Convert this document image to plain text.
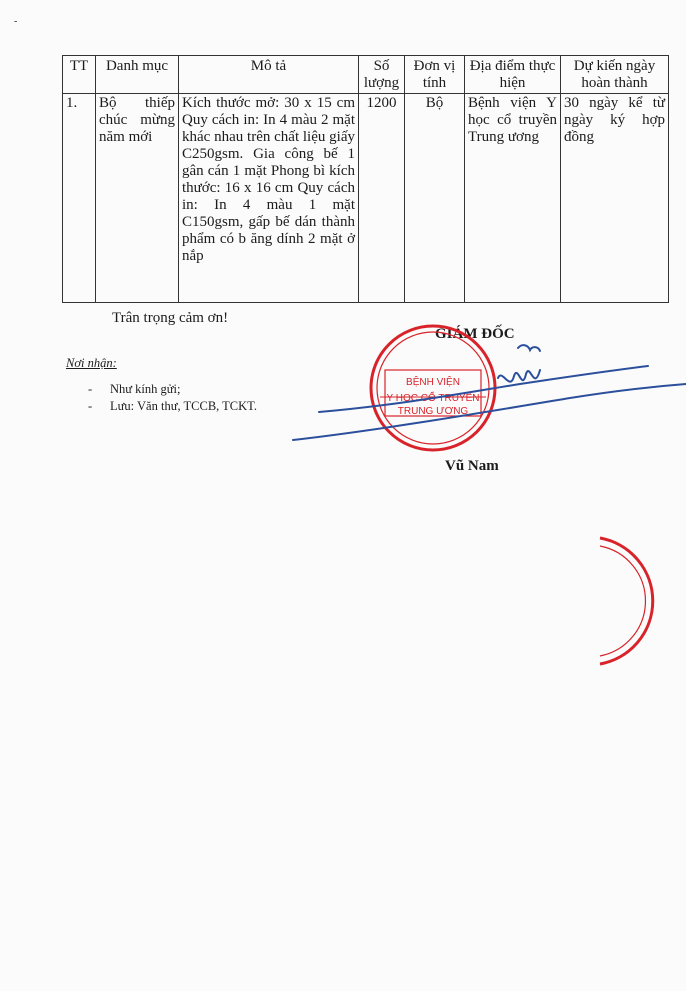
-
TT	Danh mục	Mô tả	Số lượng	Đơn vị tính	Địa điểm thực hiện	Dự kiến ngày hoàn thành
1.	Bộ thiếp chúc mừng năm mới	Kích thước mở: 30 x 15 cm Quy cách in: In 4 màu 2 mặt khác nhau trên chất liệu giấy C250gsm. Gia công bế 1 gân cán 1 mặt Phong bì kích thước: 16 x 16 cm Quy cách in: In 4 màu 1 mặt C150gsm, gấp bế dán thành phẩm có b ăng dính 2 mặt ở nắp	1200	Bộ	Bệnh viện Y học cổ truyền Trung ương	30 ngày kể từ ngày ký hợp đồng
Trân trọng cảm ơn!
Nơi nhận:
- Như kính gửi;
- Lưu: Văn thư, TCCB, TCKT.
GIÁM ĐỐC
Vũ Nam
BỆNH VIỆN
Y HỌC CỔ TRUYỀN
TRUNG ƯƠNG
